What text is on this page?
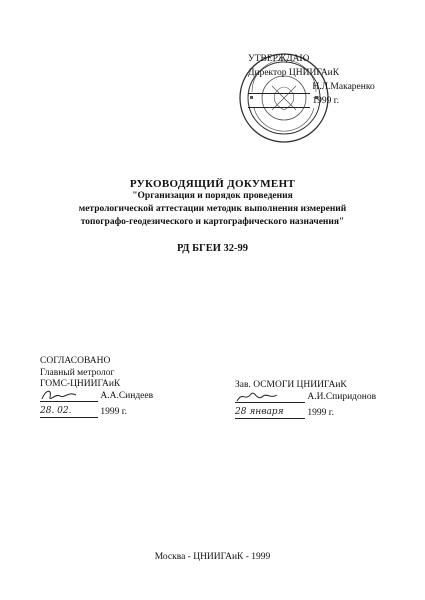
УТВЕРЖДАЮ
Директор ЦНИИГАиК
Н.Л.Макаренко
1999 г.
РУКОВОДЯЩИЙ ДОКУМЕНТ
"Организация и порядок проведения
метрологической аттестации методик выполнения измерений
топографо-геодезического и картографического назначения"
РД БГЕИ 32-99
СОГЛАСОВАНО
Главный метролог
ГОМС-ЦНИИГАиК
А.А.Синдеев
28. 02.	1999 г.
Зав. ОСМОГИ ЦНИИГАиК
А.И.Спиридонов
28 января	1999 г.
Москва - ЦНИИГАиК - 1999
